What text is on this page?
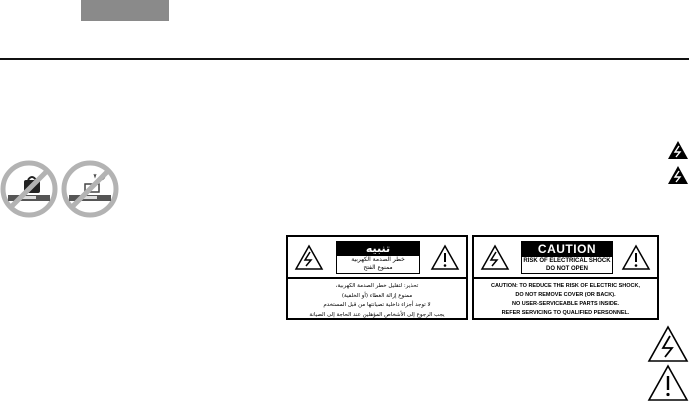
تنبيه
خطر الصدمة الكهربية
ممنوع الفتح
تحذير: لتقليل خطر الصدمة الكهربية،
ممنوع إزالة الغطاء (أو الخلفية)
لا توجد أجزاء داخلية تصيانتها من قبل المستخدم
يجب الرجوع إلى الأشخاص المؤهلين عند الحاجة إلى الصيانة
CAUTION
RISK OF ELECTRICAL SHOCK
DO NOT OPEN
CAUTION: TO REDUCE THE RISK OF ELECTRIC SHOCK,
DO NOT REMOVE COVER (OR BACK).
NO USER-SERVICEABLE PARTS INSIDE.
REFER SERVICING TO QUALIFIED PERSONNEL.
